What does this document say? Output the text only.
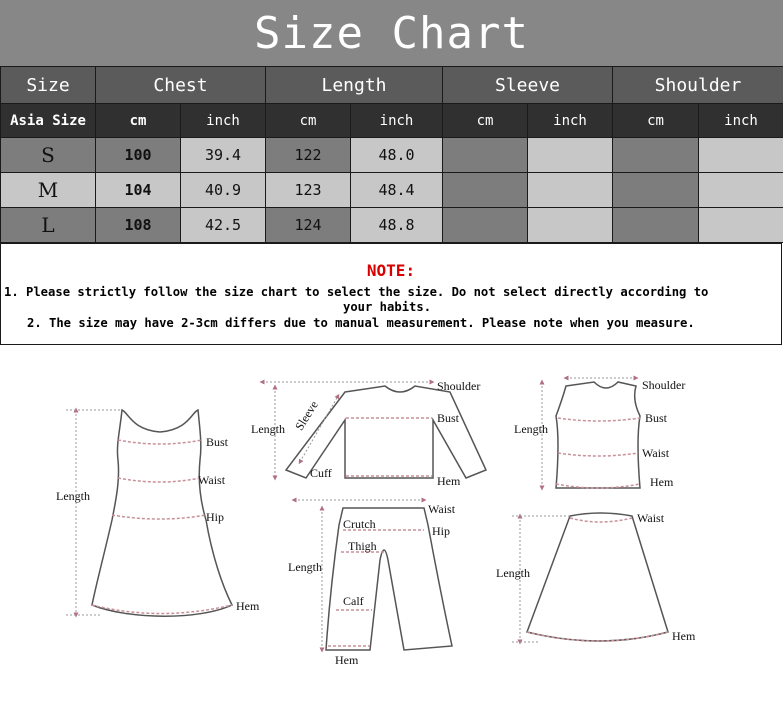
Size Chart
Size	Chest		Length		Sleeve		Shoulder	
Asia Size	cm	inch	cm	inch	cm	inch	cm	inch
S	100	39.4	122	48.0				
M	104	40.9	123	48.4				
L	108	42.5	124	48.8				
NOTE:
1. Please strictly follow the size chart to select the size. Do not select directly according to
your habits.
2. The size may have 2-3cm differs due to manual measurement. Please note when you measure.
Length
Bust
Waist
Hip
Hem
Shoulder
Sleeve
Length
Bust
Cuff
Hem
Shoulder
Length
Bust
Waist
Hem
Waist
Crutch	Hip
Thigh
Length
Calf
Hem
Waist
Length
Hem
